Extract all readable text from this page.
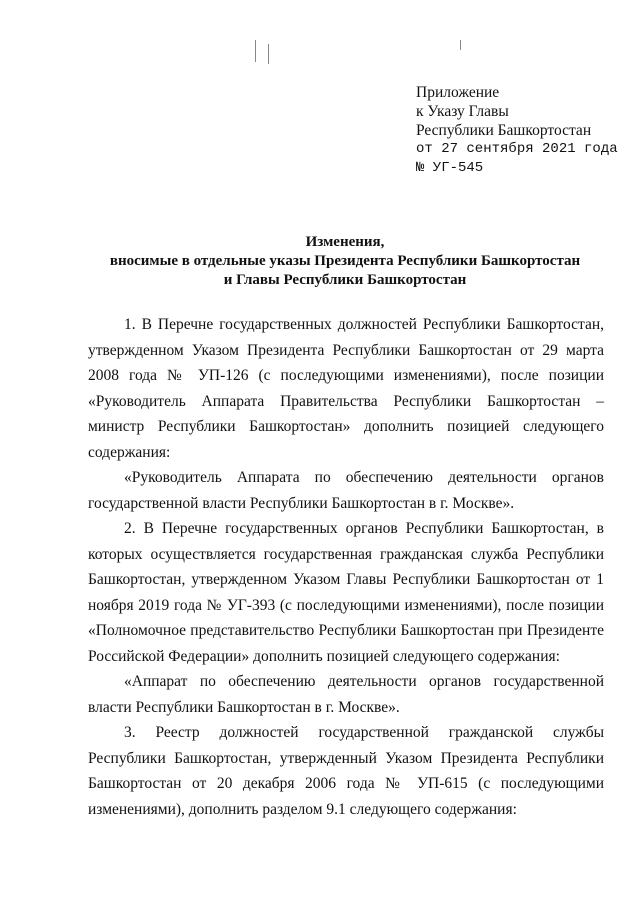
Приложение
к Указу Главы
Республики Башкортостан
от 27 сентября 2021 года
№ УГ-545
Изменения,
вносимые в отдельные указы Президента Республики Башкортостан
и Главы Республики Башкортостан

1. В Перечне государственных должностей Республики Башкортостан, утвержденном Указом Президента Республики Башкортостан от 29 марта 2008 года № УП-126 (с последующими изменениями), после позиции «Руководитель Аппарата Правительства Республики Башкортостан – министр Республики Башкортостан» дополнить позицией следующего содержания:

«Руководитель Аппарата по обеспечению деятельности органов государственной власти Республики Башкортостан в г. Москве».

2. В Перечне государственных органов Республики Башкортостан, в которых осуществляется государственная гражданская служба Республики Башкортостан, утвержденном Указом Главы Республики Башкортостан от 1 ноября 2019 года № УГ-393 (с последующими изменениями), после позиции «Полномочное представительство Республики Башкортостан при Президенте Российской Федерации» дополнить позицией следующего содержания:

«Аппарат по обеспечению деятельности органов государственной власти Республики Башкортостан в г. Москве».

3. Реестр должностей государственной гражданской службы Республики Башкортостан, утвержденный Указом Президента Республики Башкортостан от 20 декабря 2006 года № УП-615 (с последующими изменениями), дополнить разделом 9.1 следующего содержания:
